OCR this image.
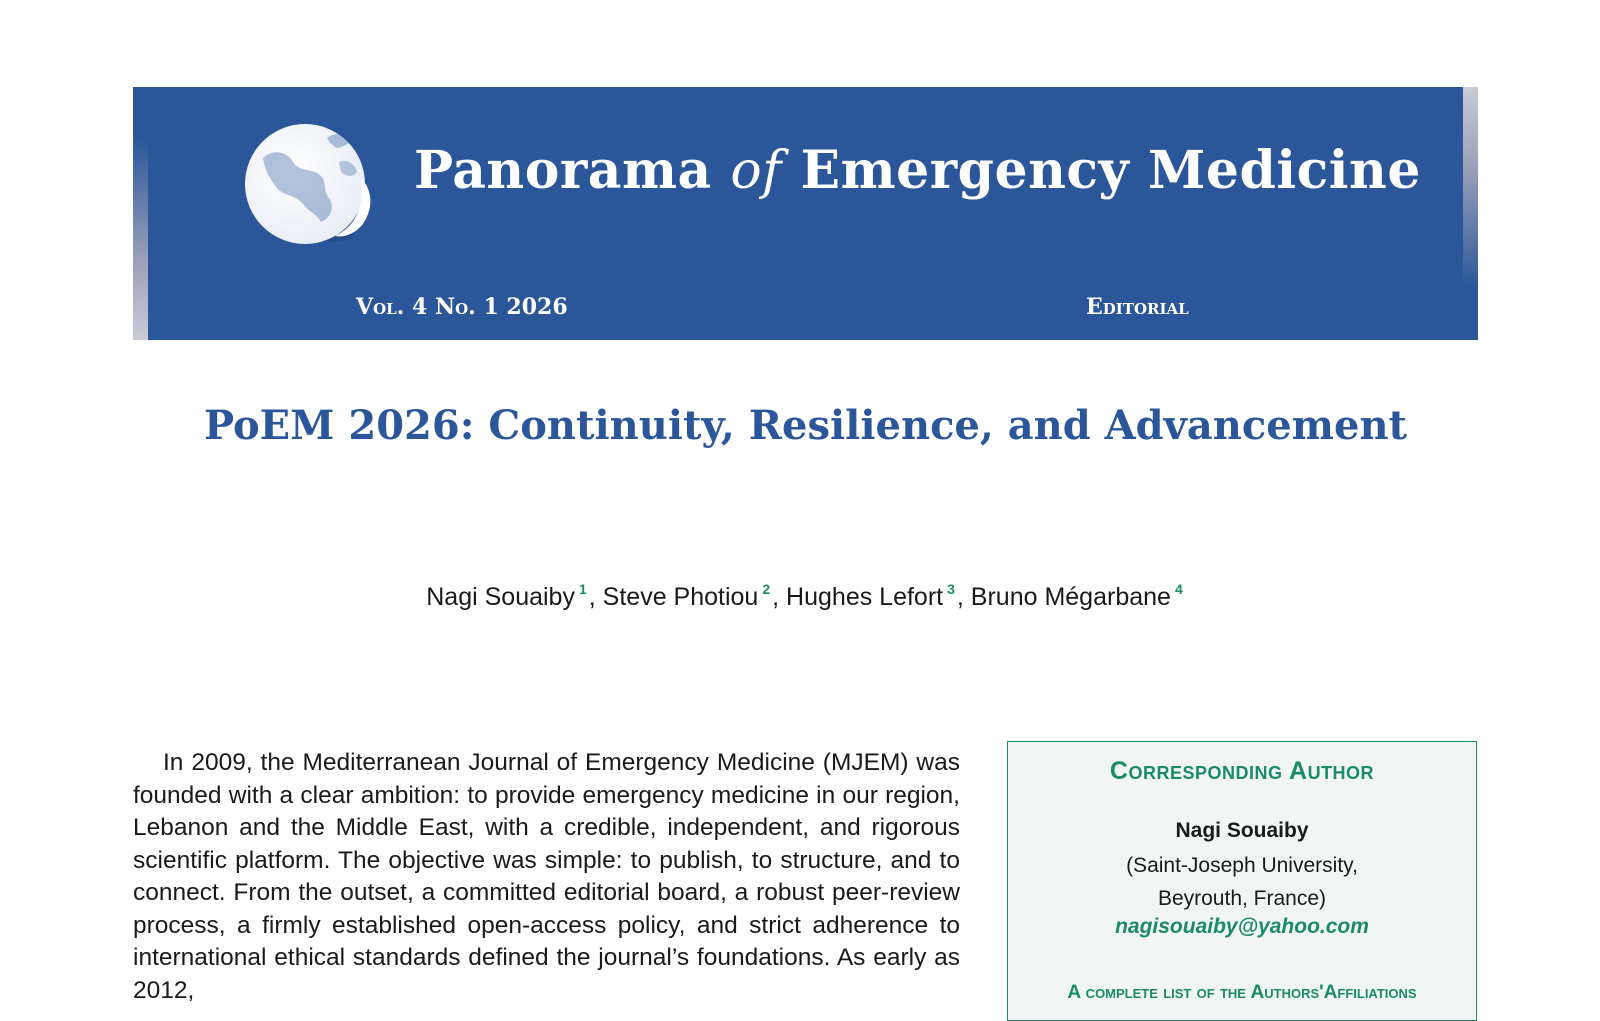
Panorama of Emergency Medicine
Vol. 4 No. 1 2026	Editorial
PoEM 2026: Continuity, Resilience, and Advancement
Nagi Souaiby $^1$, Steve Photiou $^2$, Hughes Lefort $^3$, Bruno Mégarbane $^4$
In 2009, the Mediterranean Journal of Emergency Medicine (MJEM) was founded with a clear ambition: to provide emergency medicine in our region, Lebanon and the Middle East, with a credible, independent, and rigorous scientific platform. The objective was simple: to publish, to structure, and to connect. From the outset, a committed editorial board, a robust peer-review process, a firmly established open-access policy, and strict adherence to international ethical standards defined the journal’s foundations. As early as 2012,
Corresponding Author
Nagi Souaiby
(Saint-Joseph University,
Beyrouth, France)
nagisouaiby@yahoo.com
A complete list of the Authors'Affiliations
